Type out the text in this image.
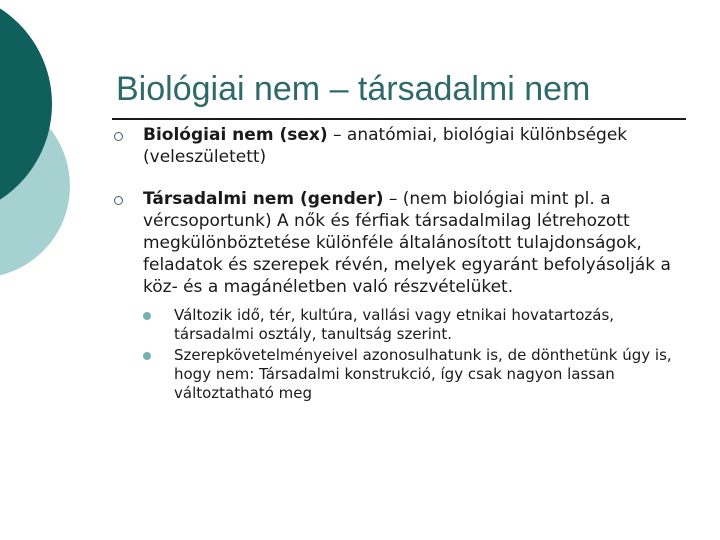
Biológiai nem – társadalmi nem
Biológiai nem (sex) – anatómiai, biológiai különbségek (veleszületett)
Társadalmi nem (gender) – (nem biológiai mint pl. a vércsoportunk) A nők és férfiak társadalmilag létrehozott megkülönböztetése különféle általánosított tulajdonságok, feladatok és szerepek révén, melyek egyaránt befolyásolják a köz- és a magánéletben való részvételüket.
Változik idő, tér, kultúra, vallási vagy etnikai hovatartozás, társadalmi osztály, tanultság szerint.
Szerepkövetelményeivel azonosulhatunk is, de dönthetünk úgy is, hogy nem: Társadalmi konstrukció, így csak nagyon lassan változtatható meg
